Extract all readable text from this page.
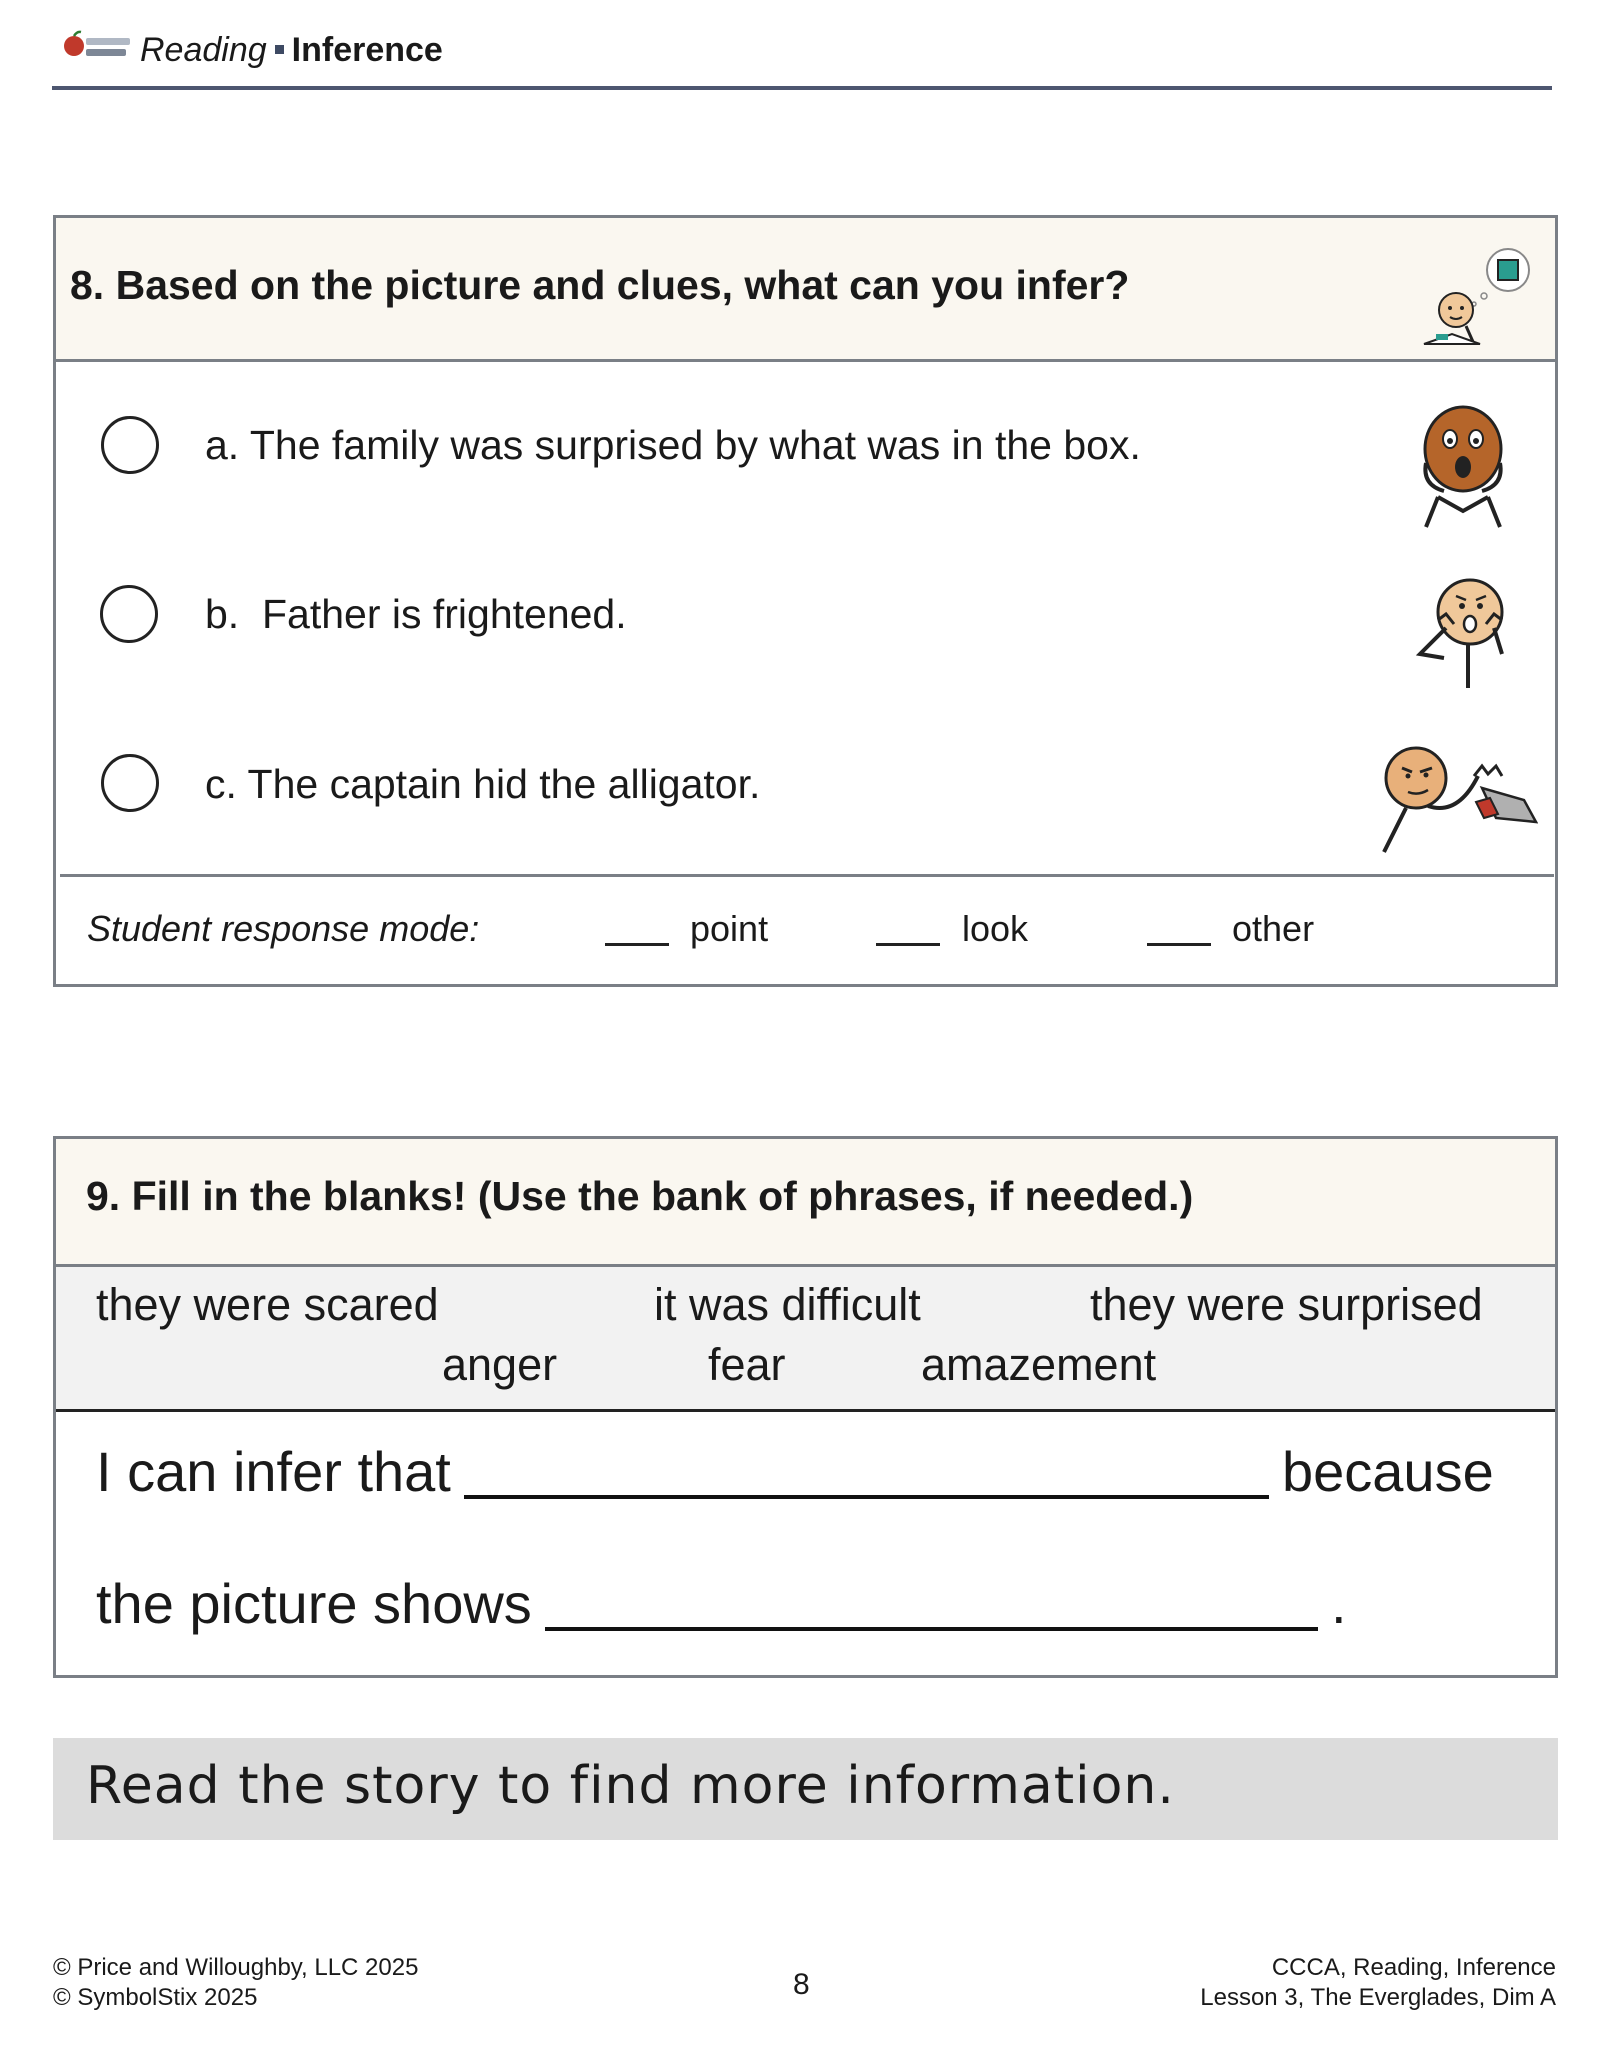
Reading Inference
8. Based on the picture and clues, what can you infer?
a. The family was surprised by what was in the box.
b.  Father is frightened.
c. The captain hid the alligator.
Student response mode:	point	look	other
9. Fill in the blanks! (Use the bank of phrases, if needed.)
they were scared	it was difficult	they were surprised
anger	fear	amazement
I can infer that	because
the picture shows	.
Read the story to find more information.
© Price and Willoughby, LLC 2025
© SymbolStix 2025	8
CCCA, Reading, Inference
Lesson 3, The Everglades, Dim A
